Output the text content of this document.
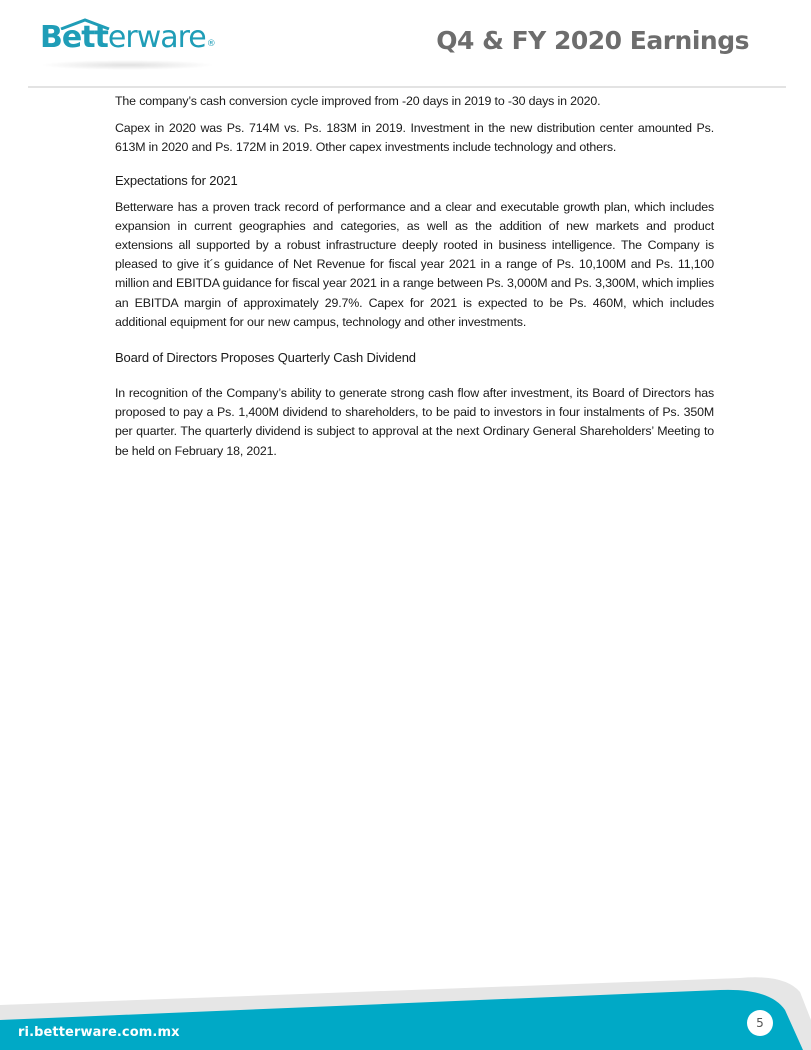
Betterware®	Q4 & FY 2020 Earnings

The company’s cash conversion cycle improved from -20 days in 2019 to -30 days in 2020.

Capex in 2020 was Ps. 714M vs. Ps. 183M in 2019. Investment in the new distribution center amounted Ps. 613M in 2020 and Ps. 172M in 2019. Other capex investments include technology and others.

Expectations for 2021

Betterware has a proven track record of performance and a clear and executable growth plan, which includes expansion in current geographies and categories, as well as the addition of new markets and product extensions all supported by a robust infrastructure deeply rooted in business intelligence. The Company is pleased to give it´s guidance of Net Revenue for fiscal year 2021 in a range of Ps. 10,100M and Ps. 11,100 million and EBITDA guidance for fiscal year 2021 in a range between Ps. 3,000M and Ps. 3,300M, which implies an EBITDA margin of approximately 29.7%. Capex for 2021 is expected to be Ps. 460M, which includes additional equipment for our new campus, technology and other investments.

Board of Directors Proposes Quarterly Cash Dividend

In recognition of the Company’s ability to generate strong cash flow after investment, its Board of Directors has proposed to pay a Ps. 1,400M dividend to shareholders, to be paid to investors in four instalments of Ps. 350M per quarter. The quarterly dividend is subject to approval at the next Ordinary General Shareholders’ Meeting to be held on February 18, 2021.

ri.betterware.com.mx
5
